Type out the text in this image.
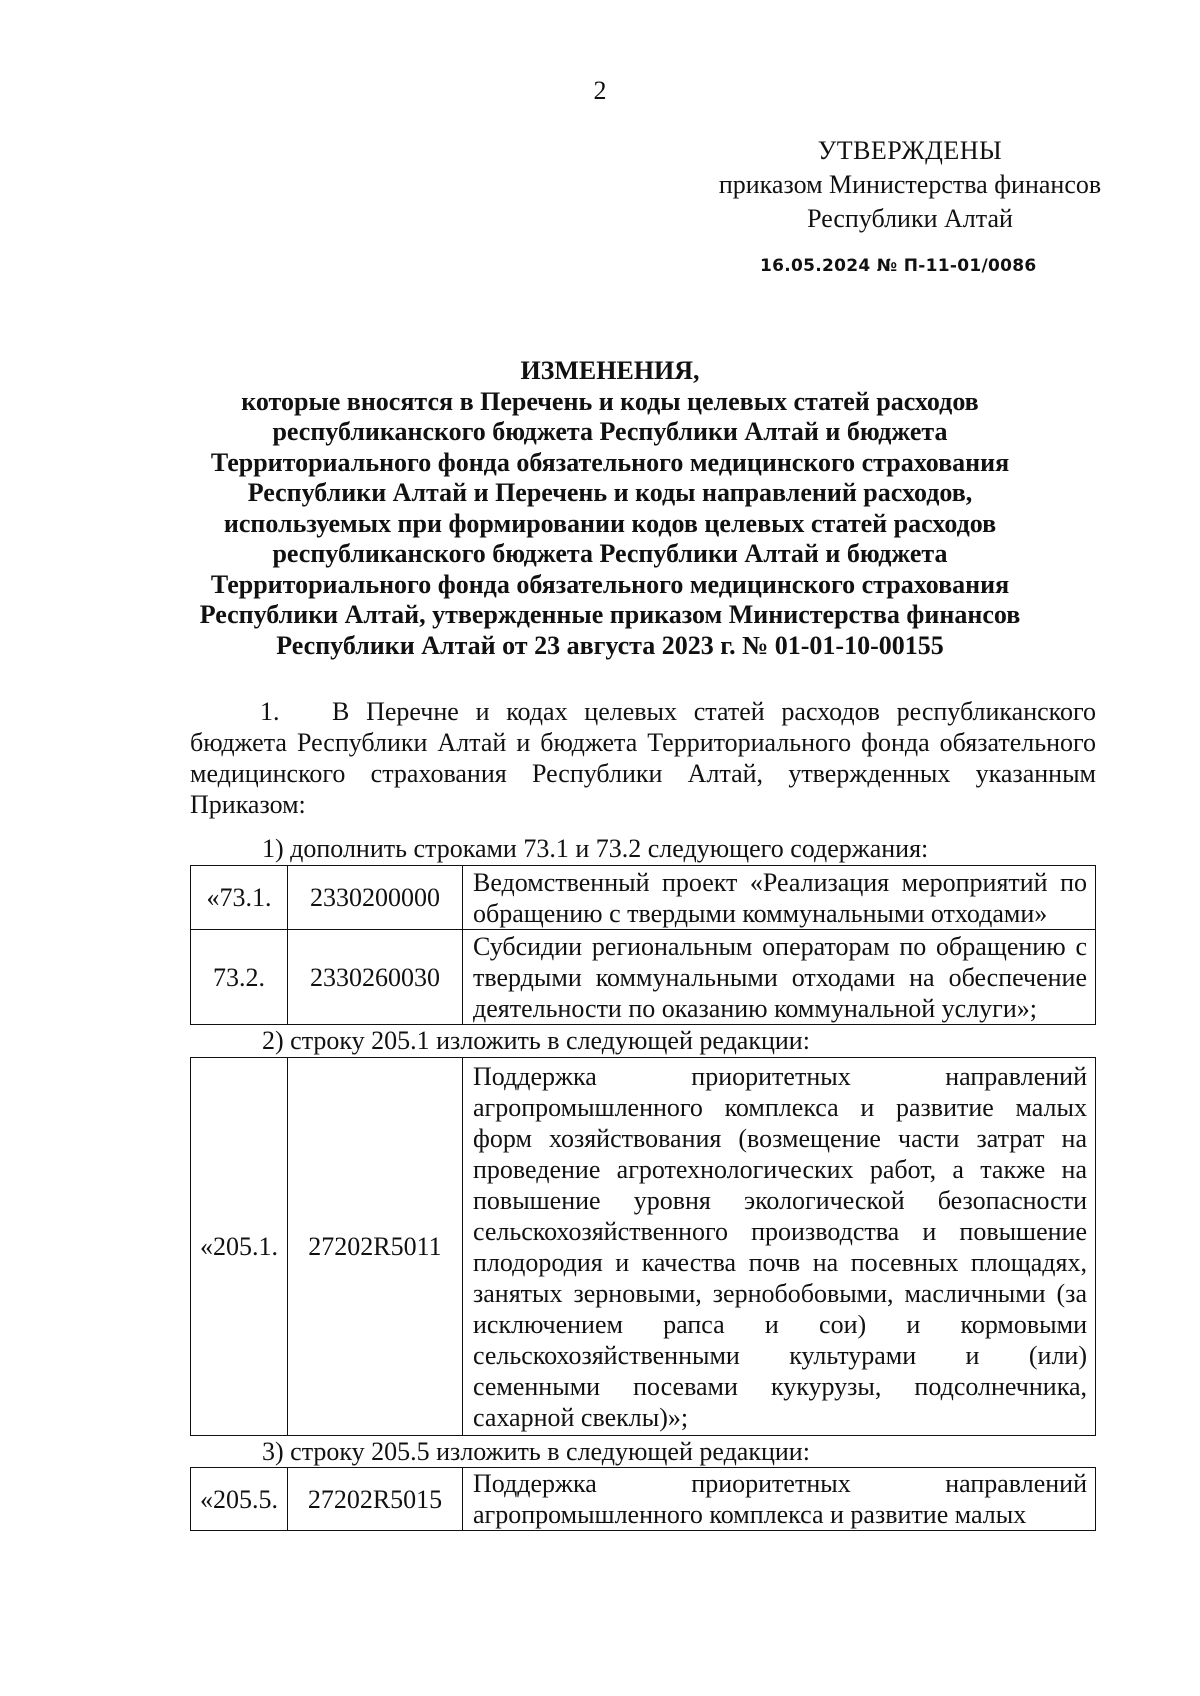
2
УТВЕРЖДЕНЫ
приказом Министерства финансов
Республики Алтай
16.05.2024 № П-11-01/0086
ИЗМЕНЕНИЯ,
которые вносятся в Перечень и коды целевых статей расходов
республиканского бюджета Республики Алтай и бюджета
Территориального фонда обязательного медицинского страхования
Республики Алтай и Перечень и коды направлений расходов,
используемых при формировании кодов целевых статей расходов
республиканского бюджета Республики Алтай и бюджета
Территориального фонда обязательного медицинского страхования
Республики Алтай, утвержденные приказом Министерства финансов
Республики Алтай от 23 августа 2023 г. № 01-01-10-00155
1. В Перечне и кодах целевых статей расходов республиканского бюджета Республики Алтай и бюджета Территориального фонда обязательного медицинского страхования Республики Алтай, утвержденных указанным Приказом:
1) дополнить строками 73.1 и 73.2 следующего содержания:
«73.1.	2330200000	Ведомственный проект «Реализация мероприятий по обращению с твердыми коммунальными отходами»
73.2.	2330260030	Субсидии региональным операторам по обращению с твердыми коммунальными отходами на обеспечение деятельности по оказанию коммунальной услуги»;
2) строку 205.1 изложить в следующей редакции:
«205.1.	27202R5011	Поддержка приоритетных направлений агропромышленного комплекса и развитие малых форм хозяйствования (возмещение части затрат на проведение агротехнологических работ, а также на повышение уровня экологической безопасности сельскохозяйственного производства и повышение плодородия и качества почв на посевных площадях, занятых зерновыми, зернобобовыми, масличными (за исключением рапса и сои) и кормовыми сельскохозяйственными культурами и (или) семенными посевами кукурузы, подсолнечника, сахарной свеклы)»;
3) строку 205.5 изложить в следующей редакции:
«205.5.	27202R5015	Поддержка приоритетных направлений агропромышленного комплекса и развитие малых
